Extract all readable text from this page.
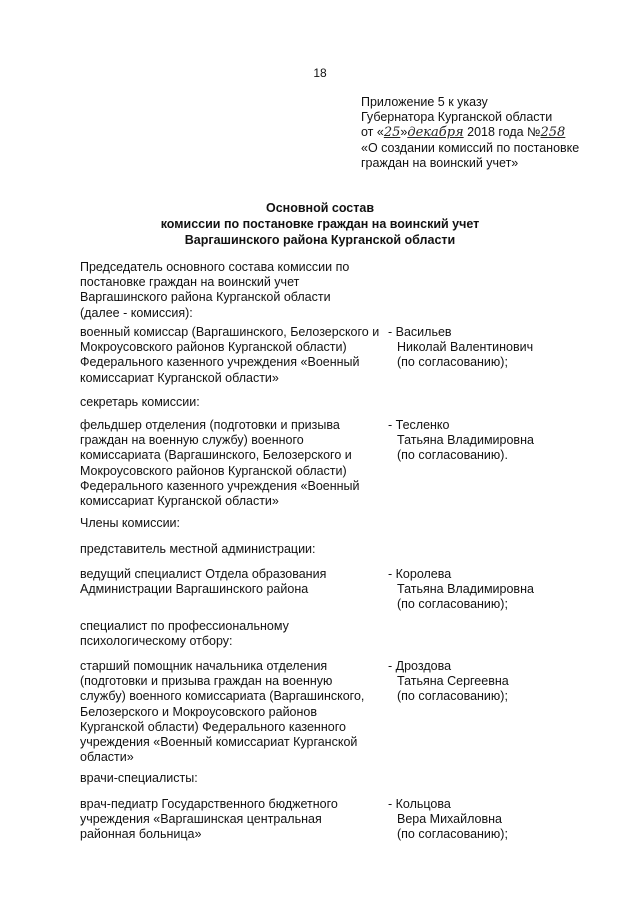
18
Приложение 5 к указу
Губернатора Курганской области
от «25»декабря 2018 года №258
«О создании комиссий по постановке
граждан на воинский учет»
Основной состав
комиссии по постановке граждан на воинский учет
Варгашинского района Курганской области
Председатель основного состава комиссии по постановке граждан на воинский учет Варгашинского района Курганской области (далее - комиссия):
военный комиссар (Варгашинского, Белозерского и Мокроусовского районов Курганской области) Федерального казенного учреждения «Военный комиссариат Курганской области»
- Васильев
Николай Валентинович
(по согласованию);
секретарь комиссии:
фельдшер отделения (подготовки и призыва граждан на военную службу) военного комиссариата (Варгашинского, Белозерского и Мокроусовского районов Курганской области) Федерального казенного учреждения «Военный комиссариат Курганской области»
- Тесленко
Татьяна Владимировна
(по согласованию).
Члены комиссии:
представитель местной администрации:
ведущий специалист Отдела образования Администрации Варгашинского района
- Королева
Татьяна Владимировна
(по согласованию);
специалист по профессиональному психологическому отбору:
старший помощник начальника отделения (подготовки и призыва граждан на военную службу) военного комиссариата (Варгашинского, Белозерского и Мокроусовского районов Курганской области) Федерального казенного учреждения «Военный комиссариат Курганской области»
- Дроздова
Татьяна Сергеевна
(по согласованию);
врачи-специалисты:
врач-педиатр Государственного бюджетного учреждения «Варгашинская центральная районная больница»
- Кольцова
Вера Михайловна
(по согласованию);
